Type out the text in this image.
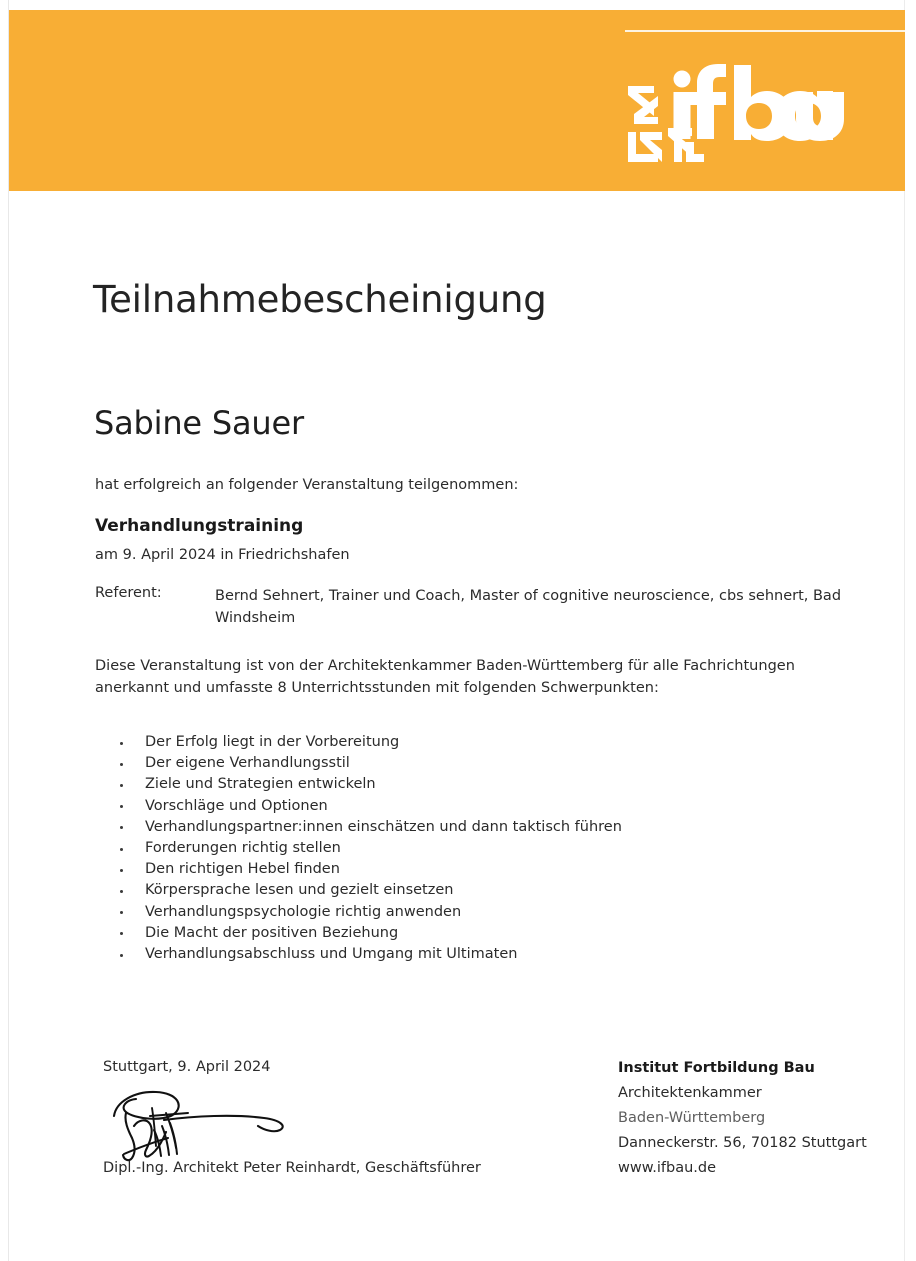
Teilnahmebescheinigung
Sabine Sauer
hat erfolgreich an folgender Veranstaltung teilgenommen:
Verhandlungstraining
am 9. April 2024 in Friedrichshafen
Referent:	Bernd Sehnert, Trainer und Coach, Master of cognitive neuroscience, cbs sehnert, Bad Windsheim
Diese Veranstaltung ist von der Architektenkammer Baden-Württemberg für alle Fachrichtungen anerkannt und umfasste 8 Unterrichtsstunden mit folgenden Schwerpunkten:
Der Erfolg liegt in der Vorbereitung
Der eigene Verhandlungsstil
Ziele und Strategien entwickeln
Vorschläge und Optionen
Verhandlungspartner:innen einschätzen und dann taktisch führen
Forderungen richtig stellen
Den richtigen Hebel finden
Körpersprache lesen und gezielt einsetzen
Verhandlungspsychologie richtig anwenden
Die Macht der positiven Beziehung
Verhandlungsabschluss und Umgang mit Ultimaten
Stuttgart, 9. April 2024
Dipl.-Ing. Architekt Peter Reinhardt, Geschäftsführer
Institut Fortbildung Bau
Architektenkammer
Baden-Württemberg
Danneckerstr. 56, 70182 Stuttgart
www.ifbau.de
